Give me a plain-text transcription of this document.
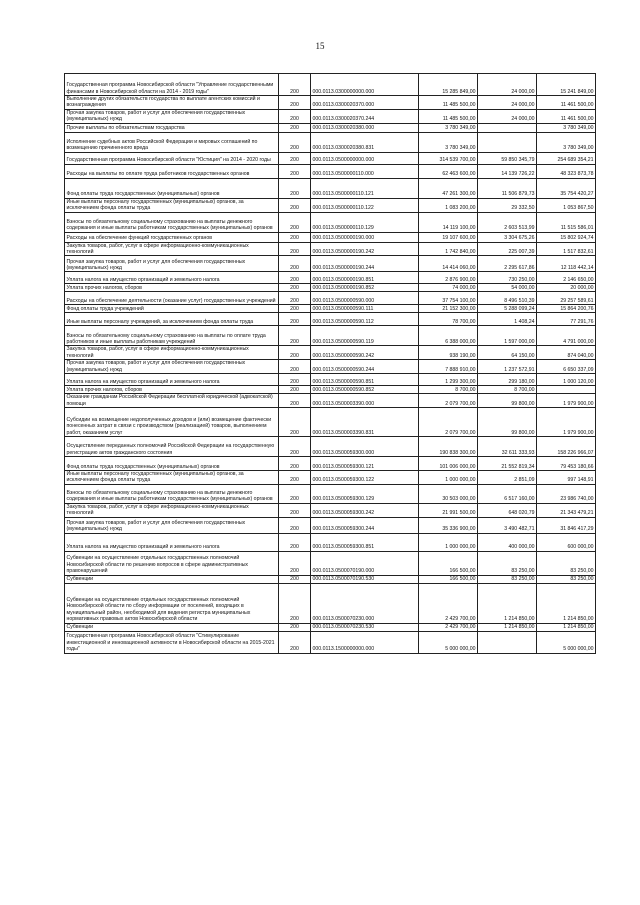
15
Государственная программа Новосибирской области "Управление государственными финансами в Новосибирской области на 2014 - 2019 годы"	200	000.0113.0300000000.000	15 285 849,00	24 000,00	15 241 849,00
Выполнение других обязательств государства по выплате агентских комиссий и вознаграждения	200	000.0113.0300020370.000	11 485 500,00	24 000,00	11 461 500,00
Прочая закупка товаров, работ и услуг для обеспечения государственных (муниципальных) нужд	200	000.0113.0300020370.244	11 485 500,00	24 000,00	11 461 500,00
Прочие выплаты по обязательствам государства	200	000.0113.0300020380.000	3 780 349,00		3 780 349,00
Исполнение судебных актов Российской Федерации и мировых соглашений по возмещению причиненного вреда	200	000.0113.0300020380.831	3 780 349,00		3 780 349,00
Государственная программа Новосибирской области "Юстиция" на 2014 - 2020 годы	200	000.0113.0500000000.000	314 539 700,00	59 850 345,79	254 689 354,21
Расходы на выплаты по оплате труда работников государственных органов	200	000.0113.0500000110.000	62 463 600,00	14 139 726,22	48 323 873,78
Фонд оплаты труда государственных (муниципальных) органов	200	000.0113.0500000110.121	47 261 300,00	11 506 879,73	35 754 420,27
Иные выплаты персоналу государственных (муниципальных) органов, за исключением фонда оплаты труда	200	000.0113.0500000110.122	1 083 200,00	29 332,50	1 053 867,50
Взносы по обязательному социальному страхованию на выплаты денежного содержания и иные выплаты работникам государственных (муниципальных) органов	200	000.0113.0500000110.129	14 119 100,00	2 603 513,99	11 515 586,01
Расходы на обеспечение функций государственных органов	200	000.0113.0500000190.000	19 107 600,00	3 304 675,26	15 802 924,74
Закупка товаров, работ, услуг в сфере информационно-коммуникационных технологий	200	000.0113.0500000190.242	1 742 840,00	225 007,39	1 517 832,61
Прочая закупка товаров, работ и услуг для обеспечения государственных (муниципальных) нужд	200	000.0113.0500000190.244	14 414 060,00	2 295 617,86	12 118 442,14
Уплата налога на имущество организаций и земельного налога	200	000.0113.0500000190.851	2 876 900,00	730 250,00	2 146 650,00
Уплата прочих налогов, сборов	200	000.0113.0500000190.852	74 000,00	54 000,00	20 000,00
Расходы на обеспечение деятельности (оказание услуг) государственных учреждений	200	000.0113.0500000590.000	37 754 100,00	8 496 510,39	29 257 589,61
Фонд оплаты труда учреждений	200	000.0113.0500000590.111	21 152 300,00	5 288 099,24	15 864 200,76
Иные выплаты персоналу учреждений, за исключением фонда оплаты труда	200	000.0113.0500000590.112	78 700,00	1 408,24	77 291,76
Взносы по обязательному социальному страхованию на выплаты по оплате труда работников и иные выплаты работникам учреждений	200	000.0113.0500000590.119	6 388 000,00	1 597 000,00	4 791 000,00
Закупка товаров, работ, услуг в сфере информационно-коммуникационных технологий	200	000.0113.0500000590.242	938 190,00	64 150,00	874 040,00
Прочая закупка товаров, работ и услуг для обеспечения государственных (муниципальных) нужд	200	000.0113.0500000590.244	7 888 910,00	1 237 572,91	6 650 337,09
Уплата налога на имущество организаций и земельного налога	200	000.0113.0500000590.851	1 299 300,00	299 180,00	1 000 120,00
Уплата прочих налогов, сборов	200	000.0113.0500000590.852	8 700,00	8 700,00	
Оказание гражданам Российской Федерации бесплатной юридической (адвокатской) помощи	200	000.0113.0500003390.000	2 079 700,00	99 800,00	1 979 900,00
Субсидии на возмещение недополученных доходов и (или) возмещение фактически понесенных затрат в связи с производством (реализацией) товаров, выполнением работ, оказанием услуг	200	000.0113.0500003390.831	2 079 700,00	99 800,00	1 979 900,00
Осуществление переданных полномочий Российской Федерации на государственную регистрацию актов гражданского состояния	200	000.0113.0500059300.000	190 838 300,00	32 611 333,93	158 226 966,07
Фонд оплаты труда государственных (муниципальных) органов	200	000.0113.0500059300.121	101 006 000,00	21 552 819,34	79 453 180,66
Иные выплаты персоналу государственных (муниципальных) органов, за исключением фонда оплаты труда	200	000.0113.0500059300.122	1 000 000,00	2 851,09	997 148,91
Взносы по обязательному социальному страхованию на выплаты денежного содержания и иные выплаты работникам государственных (муниципальных) органов	200	000.0113.0500059300.129	30 503 000,00	6 517 160,00	23 986 740,00
Закупка товаров, работ, услуг в сфере информационно-коммуникационных технологий	200	000.0113.0500059300.242	21 991 500,00	648 020,79	21 343 479,21
Прочая закупка товаров, работ и услуг для обеспечения государственных (муниципальных) нужд	200	000.0113.0500059300.244	35 336 900,00	3 490 482,71	31 846 417,29
Уплата налога на имущество организаций и земельного налога	200	000.0113.0500059300.851	1 000 000,00	400 000,00	600 000,00
Субвенции на осуществление отдельных государственных полномочий Новосибирской области по решению вопросов в сфере административных правонарушений	200	000.0113.0500070190.000	166 500,00	83 250,00	83 250,00
Субвенции	200	000.0113.0500070190.530	166 500,00	83 250,00	83 250,00
Субвенции на осуществление отдельных государственных полномочий Новосибирской области по сбору информации от поселений, входящих в муниципальный район, необходимой для ведения регистра муниципальных нормативных правовых актов Новосибирской области	200	000.0113.0500070230.000	2 429 700,00	1 214 850,00	1 214 850,00
Субвенции	200	000.0113.0500070230.530	2 429 700,00	1 214 850,00	1 214 850,00
Государственная программа Новосибирской области "Стимулирование инвестиционной и инновационной активности в Новосибирской области на 2015-2021 годы"	200	000.0113.1500000000.000	5 000 000,00		5 000 000,00
